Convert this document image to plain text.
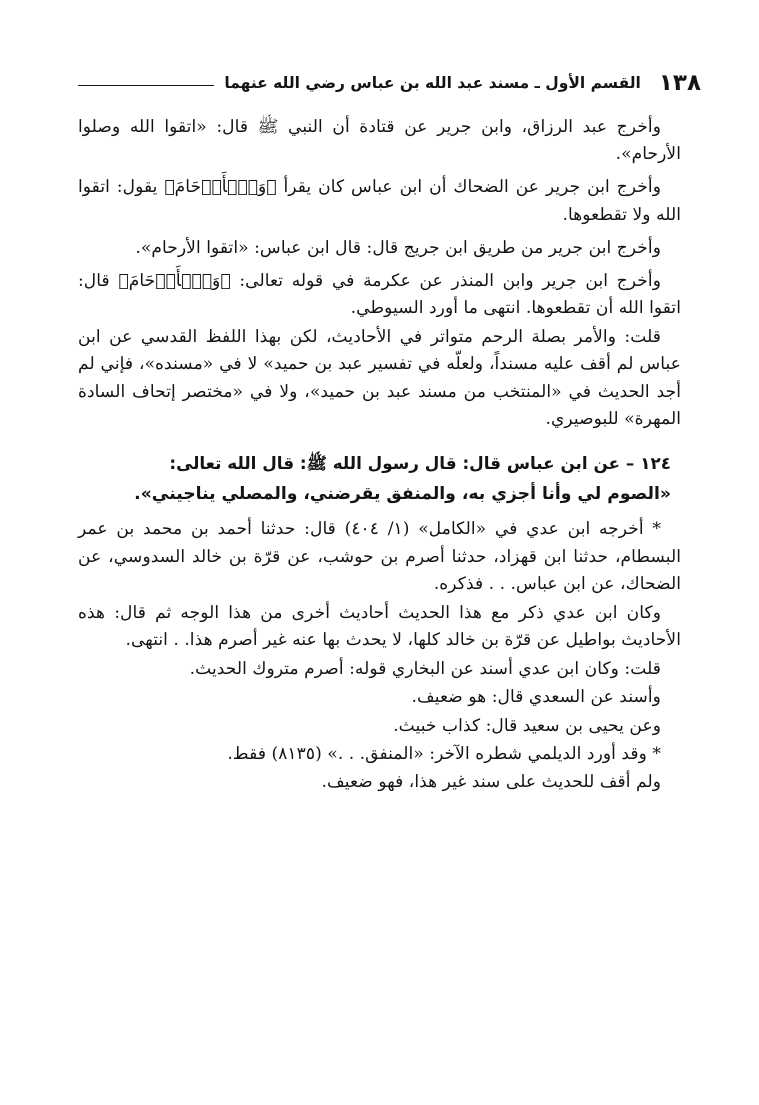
١٣٨
القسم الأول ـ مسند عبد الله بن عباس رضي الله عنهما

وأخرج عبد الرزاق، وابن جرير عن قتادة أن النبي ﷺ قال: «اتقوا الله وصلوا الأرحام».

وأخرج ابن جرير عن الضحاك أن ابن عباس كان يقرأ ﴿وَٱلۡأَرۡحَامَ﴾ يقول: اتقوا الله ولا تقطعوها.

وأخرج ابن جرير من طريق ابن جريج قال: قال ابن عباس: «اتقوا الأرحام».

وأخرج ابن جرير وابن المنذر عن عكرمة في قوله تعالى: ﴿وَٱلۡأَرۡحَامَ﴾ قال: اتقوا الله أن تقطعوها. انتهى ما أورد السيوطي.

قلت: والأمر بصلة الرحم متواتر في الأحاديث، لكن بهذا اللفظ القدسي عن ابن عباس لم أقف عليه مسنداً، ولعلّه في تفسير عبد بن حميد» لا في «مسنده»، فإني لم أجد الحديث في «المنتخب من مسند عبد بن حميد»، ولا في «مختصر إتحاف السادة المهرة» للبوصيري.

١٢٤– عن ابن عباس قال: قال رسول الله ﷺ: قال الله تعالى:

«الصوم لي وأنا أجزي به، والمنفق يقرضني، والمصلي يناجيني».

* أخرجه ابن عدي في «الكامل» (١/ ٤٠٤) قال: حدثنا أحمد بن محمد بن عمر البسطام، حدثنا ابن قهزاد، حدثنا أصرم بن حوشب، عن قرّة بن خالد السدوسي، عن الضحاك، عن ابن عباس. . . فذكره.

وكان ابن عدي ذكر مع هذا الحديث أحاديث أخرى من هذا الوجه ثم قال: هذه الأحاديث بواطيل عن قرّة بن خالد كلها، لا يحدث بها عنه غير أصرم هذا. . انتهى.

قلت: وكان ابن عدي أسند عن البخاري قوله: أصرم متروك الحديث.

وأسند عن السعدي قال: هو ضعيف.

وعن يحيى بن سعيد قال: كذاب خبيث.

* وقد أورد الديلمي شطره الآخر: «المنفق. . .» (٨١٣٥) فقط.

ولم أقف للحديث على سند غير هذا، فهو ضعيف.
